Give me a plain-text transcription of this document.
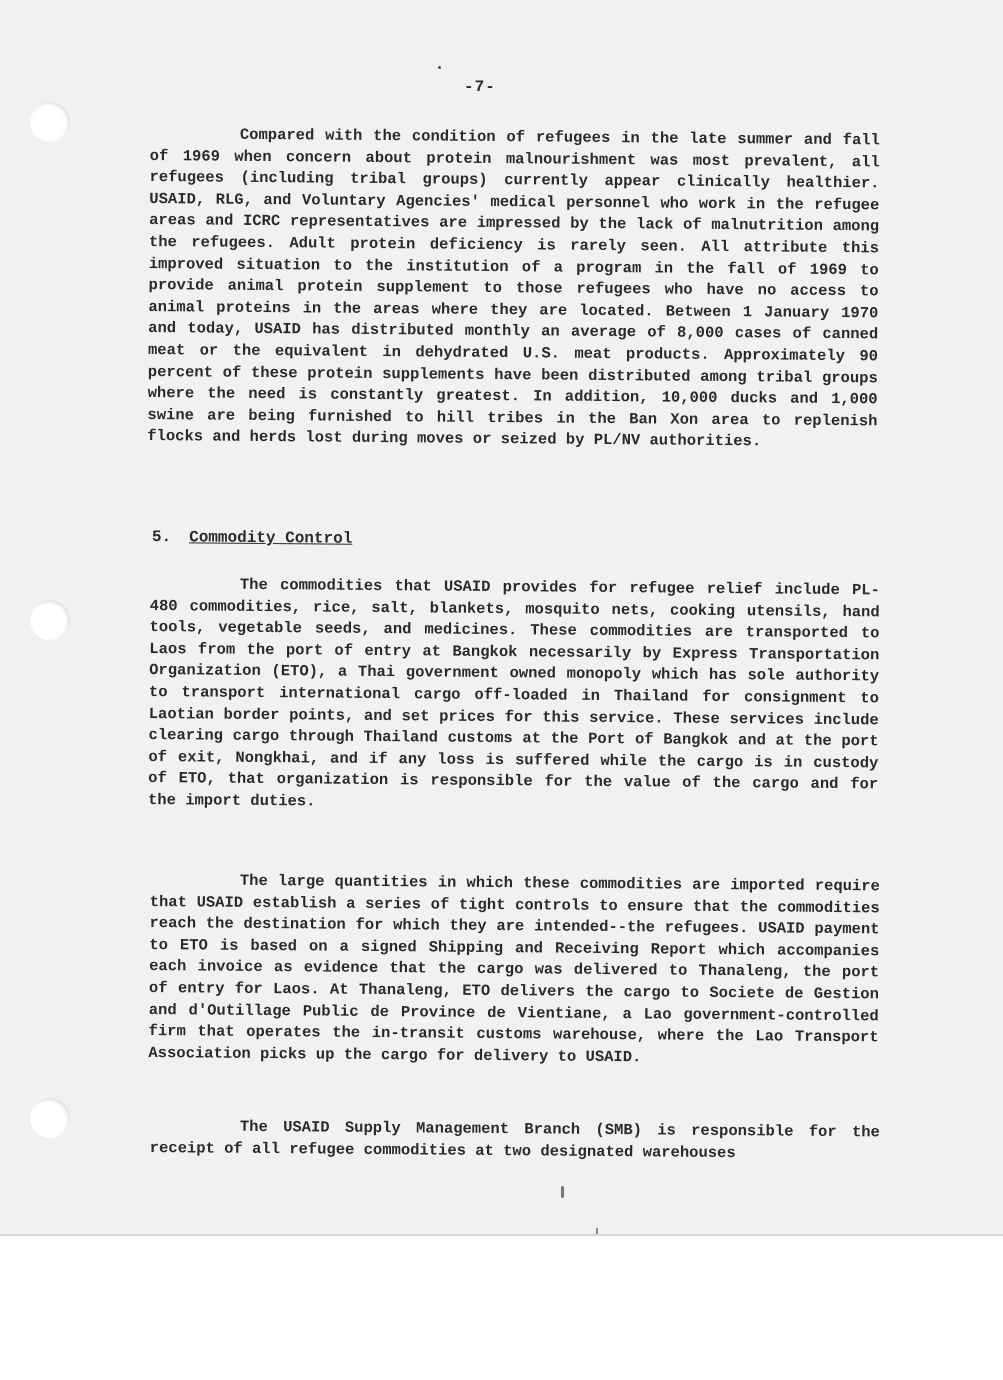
-7-

Compared with the condition of refugees in the late summer and fall of 1969 when concern about protein malnourishment was most prevalent, all refugees (including tribal groups) currently appear clinically healthier. USAID, RLG, and Voluntary Agencies' medical personnel who work in the refugee areas and ICRC representatives are impressed by the lack of malnutrition among the refugees. Adult protein deficiency is rarely seen. All attribute this improved situation to the institution of a program in the fall of 1969 to provide animal protein supplement to those refugees who have no access to animal proteins in the areas where they are located. Between 1 January 1970 and today, USAID has distributed monthly an average of 8,000 cases of canned meat or the equivalent in dehydrated U.S. meat products. Approximately 90 percent of these protein supplements have been distributed among tribal groups where the need is constantly greatest. In addition, 10,000 ducks and 1,000 swine are being furnished to hill tribes in the Ban Xon area to replenish flocks and herds lost during moves or seized by PL/NV authorities.

5. Commodity Control

The commodities that USAID provides for refugee relief include PL-480 commodities, rice, salt, blankets, mosquito nets, cooking utensils, hand tools, vegetable seeds, and medicines. These commodities are transported to Laos from the port of entry at Bangkok necessarily by Express Transportation Organization (ETO), a Thai government owned monopoly which has sole authority to transport international cargo off-loaded in Thailand for consignment to Laotian border points, and set prices for this service. These services include clearing cargo through Thailand customs at the Port of Bangkok and at the port of exit, Nongkhai, and if any loss is suffered while the cargo is in custody of ETO, that organization is responsible for the value of the cargo and for the import duties.

The large quantities in which these commodities are imported require that USAID establish a series of tight controls to ensure that the commodities reach the destination for which they are intended--the refugees. USAID payment to ETO is based on a signed Shipping and Receiving Report which accompanies each invoice as evidence that the cargo was delivered to Thanaleng, the port of entry for Laos. At Thanaleng, ETO delivers the cargo to Societe de Gestion and d'Outillage Public de Province de Vientiane, a Lao government-controlled firm that operates the in-transit customs warehouse, where the Lao Transport Association picks up the cargo for delivery to USAID.

The USAID Supply Management Branch (SMB) is responsible for the receipt of all refugee commodities at two designated warehouses
